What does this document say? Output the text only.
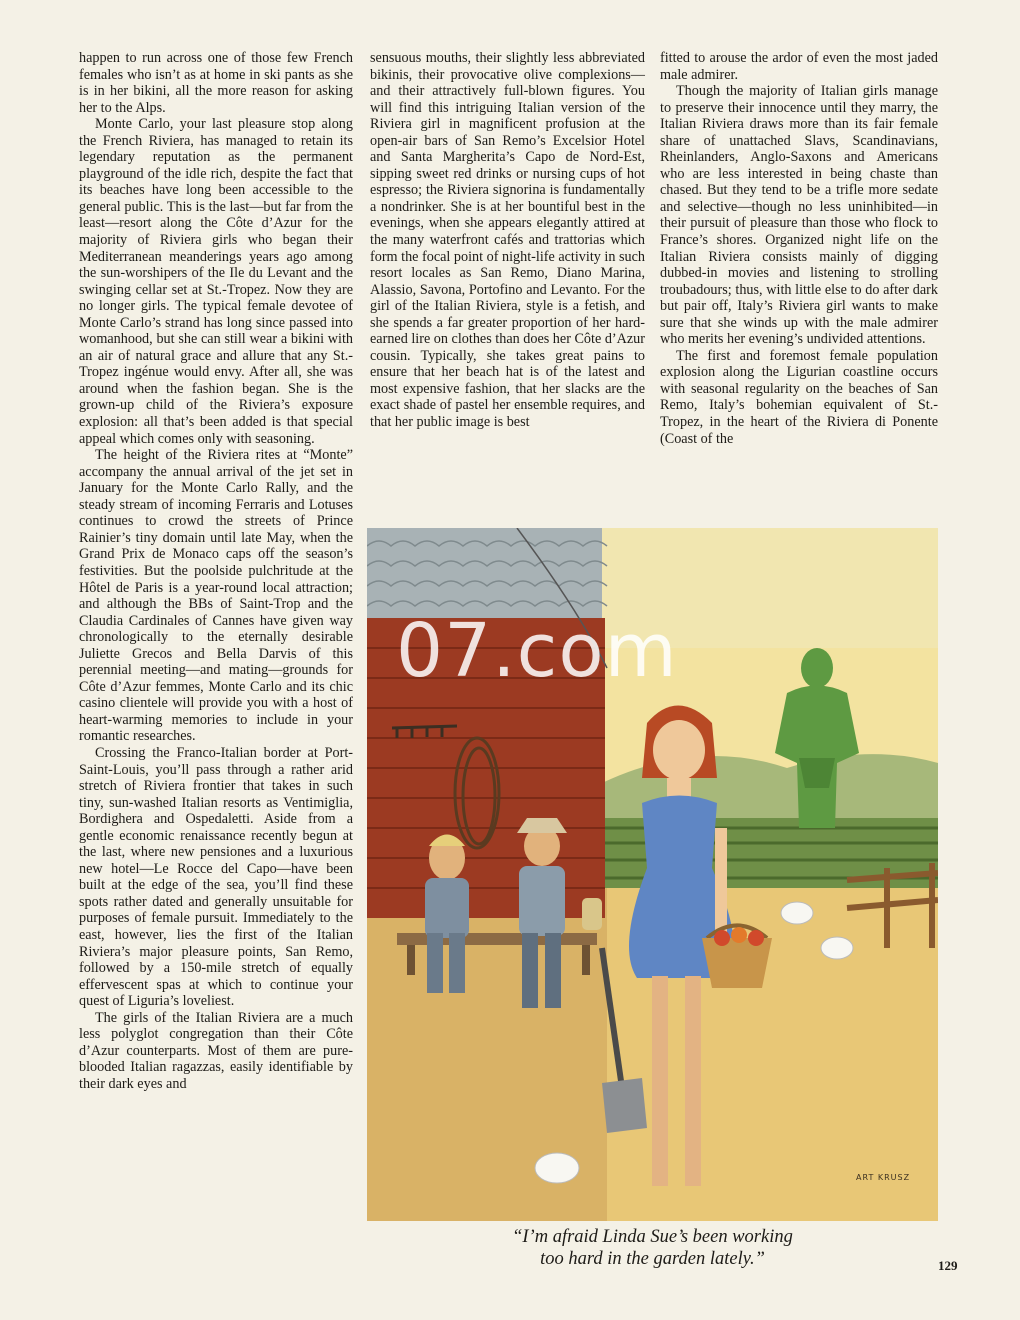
happen to run across one of those few French females who isn’t as at home in ski pants as she is in her bikini, all the more reason for asking her to the Alps.

Monte Carlo, your last pleasure stop along the French Riviera, has managed to retain its legendary reputation as the permanent playground of the idle rich, despite the fact that its beaches have long been accessible to the general public. This is the last—but far from the least—resort along the Côte d’Azur for the majority of Riviera girls who began their Mediterranean meanderings years ago among the sun-worshipers of the Ile du Levant and the swinging cellar set at St.-Tropez. Now they are no longer girls. The typical female devotee of Monte Carlo’s strand has long since passed into womanhood, but she can still wear a bikini with an air of natural grace and allure that any St.-Tropez ingénue would envy. After all, she was around when the fashion began. She is the grown-up child of the Riviera’s exposure explosion: all that’s been added is that special appeal which comes only with seasoning.

The height of the Riviera rites at “Monte” accompany the annual arrival of the jet set in January for the Monte Carlo Rally, and the steady stream of incoming Ferraris and Lotuses continues to crowd the streets of Prince Rainier’s tiny domain until late May, when the Grand Prix de Monaco caps off the season’s festivities. But the poolside pulchritude at the Hôtel de Paris is a year-round local attraction; and although the BBs of Saint-Trop and the Claudia Cardinales of Cannes have given way chronologically to the eternally desirable Juliette Grecos and Bella Darvis of this perennial meeting—and mating—grounds for Côte d’Azur femmes, Monte Carlo and its chic casino clientele will provide you with a host of heart-warming memories to include in your romantic researches.

Crossing the Franco-Italian border at Port-Saint-Louis, you’ll pass through a rather arid stretch of Riviera frontier that takes in such tiny, sun-washed Italian resorts as Ventimiglia, Bordighera and Ospedaletti. Aside from a gentle economic renaissance recently begun at the last, where new pensiones and a luxurious new hotel—Le Rocce del Capo—have been built at the edge of the sea, you’ll find these spots rather dated and generally unsuitable for purposes of female pursuit. Immediately to the east, however, lies the first of the Italian Riviera’s major pleasure points, San Remo, followed by a 150-mile stretch of equally effervescent spas at which to continue your quest of Liguria’s loveliest.

The girls of the Italian Riviera are a much less polyglot congregation than their Côte d’Azur counterparts. Most of them are pure-blooded Italian ragazzas, easily identifiable by their dark eyes and

sensuous mouths, their slightly less abbreviated bikinis, their provocative olive complexions—and their attractively full-blown figures. You will find this intriguing Italian version of the Riviera girl in magnificent profusion at the open-air bars of San Remo’s Excelsior Hotel and Santa Margherita’s Capo de Nord-Est, sipping sweet red drinks or nursing cups of hot espresso; the Riviera signorina is fundamentally a nondrinker. She is at her bountiful best in the evenings, when she appears elegantly attired at the many waterfront cafés and trattorias which form the focal point of night-life activity in such resort locales as San Remo, Diano Marina, Alassio, Savona, Portofino and Levanto. For the girl of the Italian Riviera, style is a fetish, and she spends a far greater proportion of her hard-earned lire on clothes than does her Côte d’Azur cousin. Typically, she takes great pains to ensure that her beach hat is of the latest and most expensive fashion, that her slacks are the exact shade of pastel her ensemble requires, and that her public image is best

fitted to arouse the ardor of even the most jaded male admirer.

Though the majority of Italian girls manage to preserve their innocence until they marry, the Italian Riviera draws more than its fair female share of unattached Slavs, Scandinavians, Rheinlanders, Anglo-Saxons and Americans who are less interested in being chaste than chased. But they tend to be a trifle more sedate and selective—though no less uninhibited—in their pursuit of pleasure than those who flock to France’s shores. Organized night life on the Italian Riviera consists mainly of digging dubbed-in movies and listening to strolling troubadours; thus, with little else to do after dark but pair off, Italy’s Riviera girl wants to make sure that she winds up with the male admirer who merits her evening’s undivided attentions.

The first and foremost female population explosion along the Ligurian coastline occurs with seasonal regularity on the beaches of San Remo, Italy’s bohemian equivalent of St.-Tropez, in the heart of the Riviera di Ponente (Coast of the

07.com
ART KRUSZ
“I’m afraid Linda Sue’s been working
too hard in the garden lately.”	129
